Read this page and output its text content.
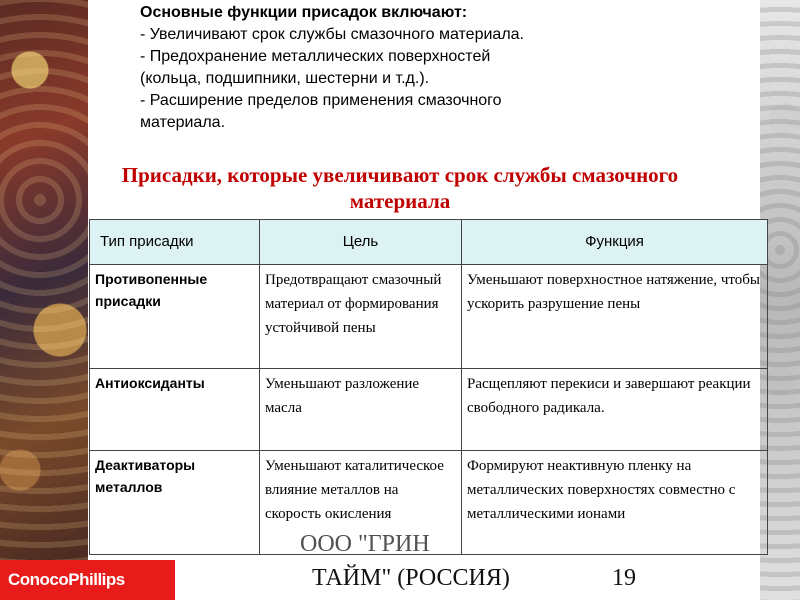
Основные функции присадок включают:
- Увеличивают срок службы смазочного материала.
- Предохранение металлических поверхностей
(кольца, подшипники, шестерни и т.д.).
- Расширение пределов применения смазочного
материала.
Присадки, которые увеличивают срок службы смазочного материала
Тип присадки	Цель	Функция
Противопенные присадки	Предотвращают смазочный материал от формирования устойчивой пены	Уменьшают поверхностное натяжение, чтобы ускорить разрушение пены
Антиоксиданты	Уменьшают разложение масла	Расщепляют перекиси и завершают реакции свободного радикала.
Деактиваторы металлов	Уменьшают каталитическое влияние металлов на скорость окисления	Формируют неактивную пленку на металлических поверхностях совместно с металлическими ионами
ООО "ГРИН
ТАЙМ" (РОССИЯ)	19
ConocoPhillips
